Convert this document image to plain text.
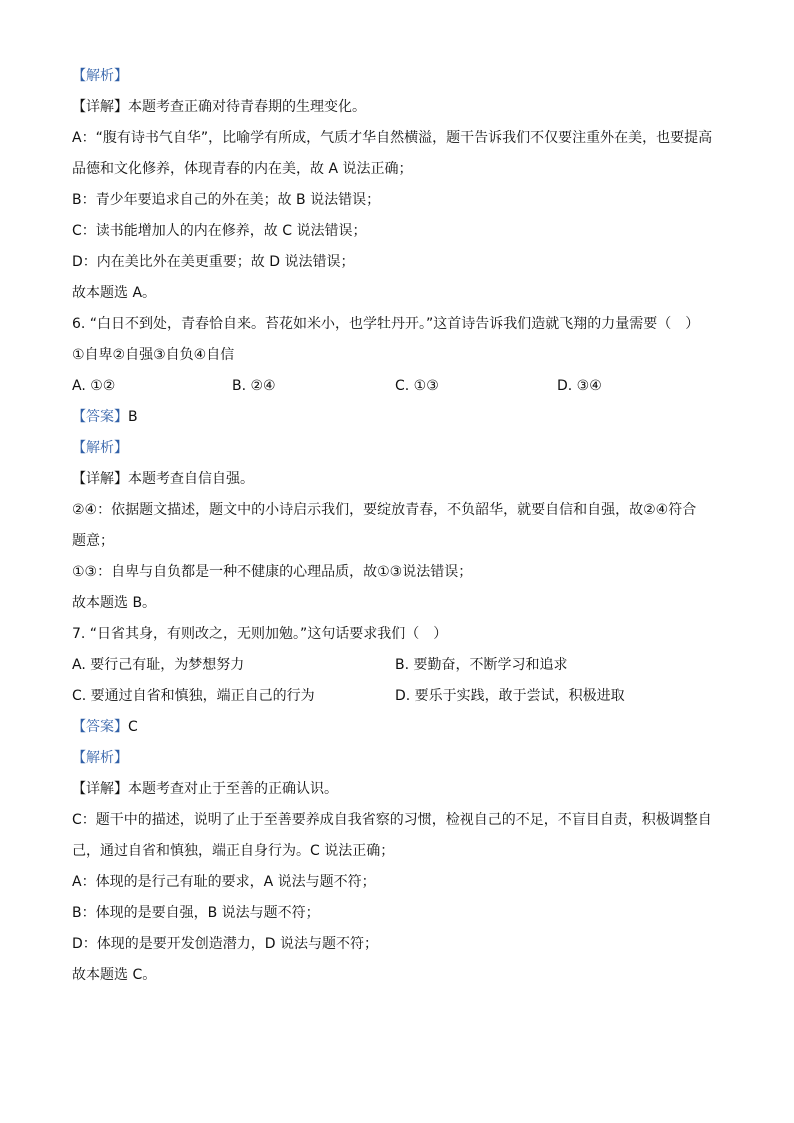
【解析】
【详解】本题考查正确对待青春期的生理变化。
A：“腹有诗书气自华”，比喻学有所成，气质才华自然横溢，题干告诉我们不仅要注重外在美，也要提高
品德和文化修养，体现青春的内在美，故 A 说法正确；
B：青少年要追求自己的外在美；故 B 说法错误；
C：读书能增加人的内在修养，故 C 说法错误；
D：内在美比外在美更重要；故 D 说法错误；
故本题选 A。
6. “白日不到处，青春恰自来。苔花如米小，也学牡丹开。”这首诗告诉我们造就飞翔的力量需要（　）
①自卑②自强③自负④自信
A. ①②	B. ②④	C. ①③	D. ③④
【答案】B
【解析】
【详解】本题考查自信自强。
②④：依据题文描述，题文中的小诗启示我们，要绽放青春，不负韶华，就要自信和自强，故②④符合
题意；
①③：自卑与自负都是一种不健康的心理品质，故①③说法错误；
故本题选 B。
7. “日省其身，有则改之，无则加勉。”这句话要求我们（　）
A. 要行己有耻，为梦想努力	B. 要勤奋，不断学习和追求
C. 要通过自省和慎独，端正自己的行为	D. 要乐于实践，敢于尝试，积极进取
【答案】C
【解析】
【详解】本题考查对止于至善的正确认识。
C：题干中的描述，说明了止于至善要养成自我省察的习惯，检视自己的不足，不盲目自责，积极调整自
己，通过自省和慎独，端正自身行为。C 说法正确；
A：体现的是行己有耻的要求，A 说法与题不符；
B：体现的是要自强，B 说法与题不符；
D：体现的是要开发创造潜力，D 说法与题不符；
故本题选 C。
